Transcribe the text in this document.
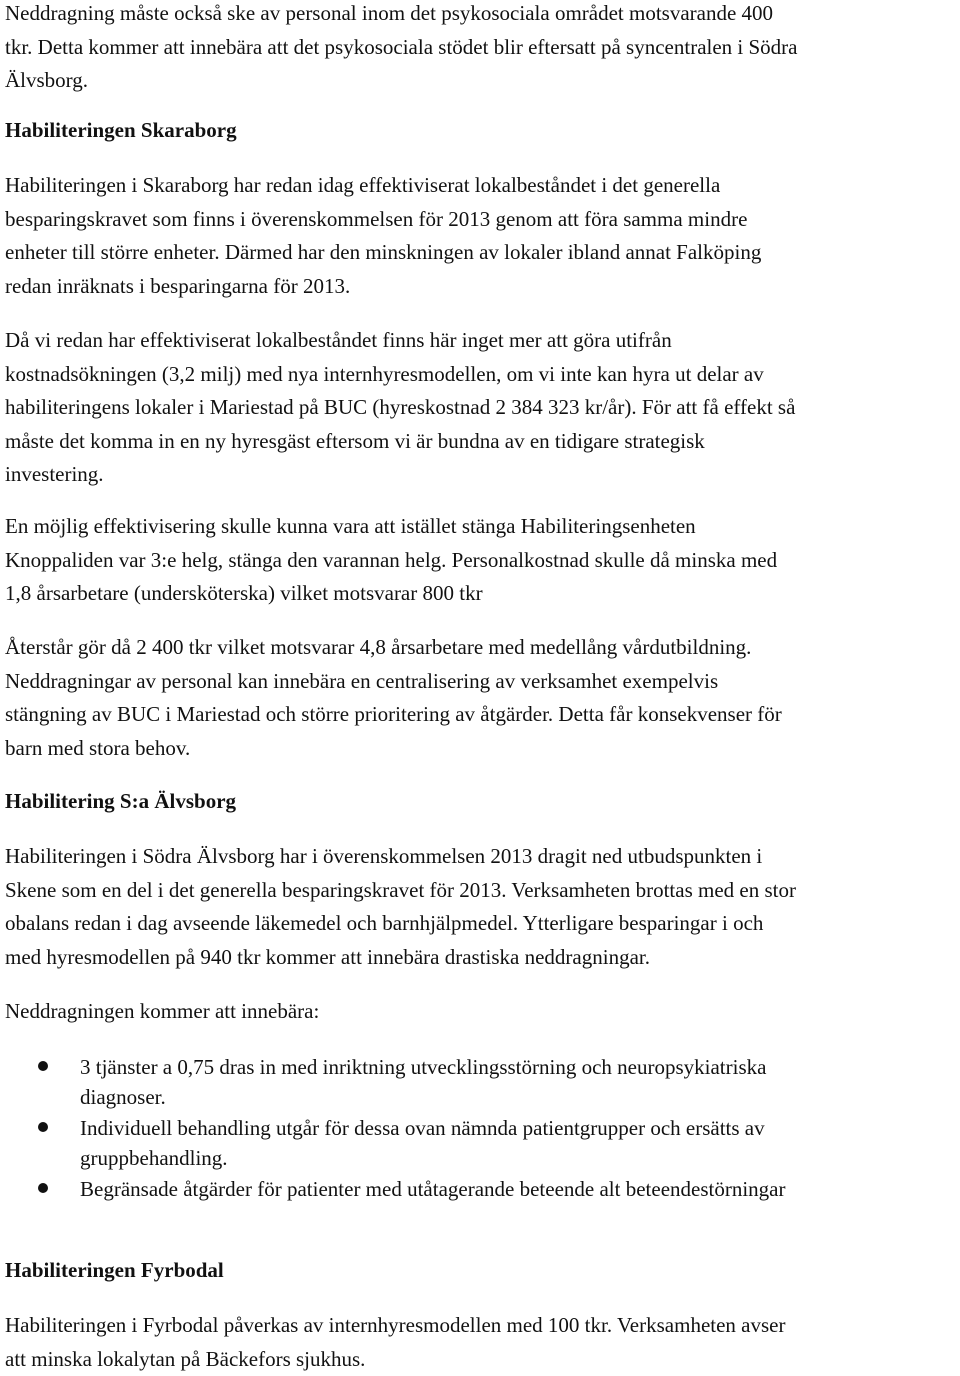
Neddragning måste också ske av personal inom det psykosociala området motsvarande 400
tkr. Detta kommer att innebära att det psykosociala stödet blir eftersatt på syncentralen i Södra
Älvsborg.

Habiliteringen Skaraborg

Habiliteringen i Skaraborg har redan idag effektiviserat lokalbeståndet i det generella
besparingskravet som finns i överenskommelsen för 2013 genom att föra samma mindre
enheter till större enheter. Därmed har den minskningen av lokaler ibland annat Falköping
redan inräknats i besparingarna för 2013.

Då vi redan har effektiviserat lokalbeståndet finns här inget mer att göra utifrån
kostnadsökningen (3,2 milj) med nya internhyresmodellen, om vi inte kan hyra ut delar av
habiliteringens lokaler i Mariestad på BUC (hyreskostnad 2 384 323 kr/år). För att få effekt så
måste det komma in en ny hyresgäst eftersom vi är bundna av en tidigare strategisk
investering.

En möjlig effektivisering skulle kunna vara att istället stänga Habiliteringsenheten
Knoppaliden var 3:e helg, stänga den varannan helg. Personalkostnad skulle då minska med
1,8 årsarbetare (undersköterska) vilket motsvarar 800 tkr

Återstår gör då 2 400 tkr vilket motsvarar 4,8 årsarbetare med medellång vårdutbildning.
Neddragningar av personal kan innebära en centralisering av verksamhet exempelvis
stängning av BUC i Mariestad och större prioritering av åtgärder. Detta får konsekvenser för
barn med stora behov.

Habilitering S:a Älvsborg

Habiliteringen i Södra Älvsborg har i överenskommelsen 2013 dragit ned utbudspunkten i
Skene som en del i det generella besparingskravet för 2013. Verksamheten brottas med en stor
obalans redan i dag avseende läkemedel och barnhjälpmedel. Ytterligare besparingar i och
med hyresmodellen på 940 tkr kommer att innebära drastiska neddragningar.

Neddragningen kommer att innebära:

3 tjänster a 0,75 dras in med inriktning utvecklingsstörning och neuropsykiatriska
diagnoser.
Individuell behandling utgår för dessa ovan nämnda patientgrupper och ersätts av
gruppbehandling.
Begränsade åtgärder för patienter med utåtagerande beteende alt beteendestörningar
Habiliteringen Fyrbodal

Habiliteringen i Fyrbodal påverkas av internhyresmodellen med 100 tkr. Verksamheten avser
att minska lokalytan på Bäckefors sjukhus.
